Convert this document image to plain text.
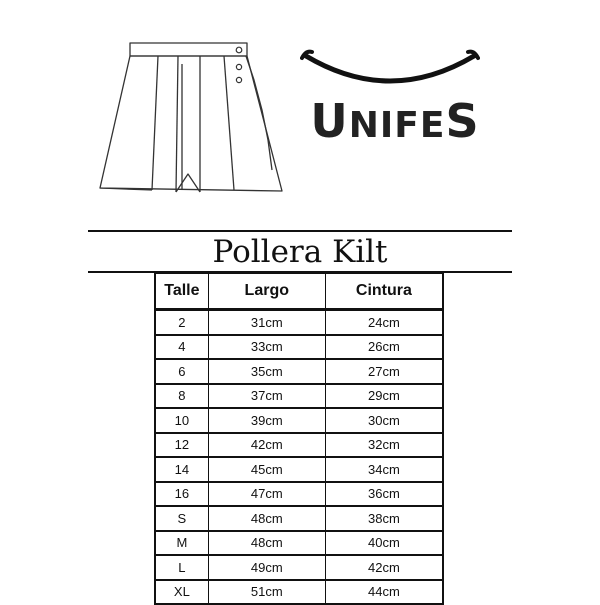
UNIFES
Pollera Kilt
Talle	Largo	Cintura
2	31cm	24cm
4	33cm	26cm
6	35cm	27cm
8	37cm	29cm
10	39cm	30cm
12	42cm	32cm
14	45cm	34cm
16	47cm	36cm
S	48cm	38cm
M	48cm	40cm
L	49cm	42cm
XL	51cm	44cm
